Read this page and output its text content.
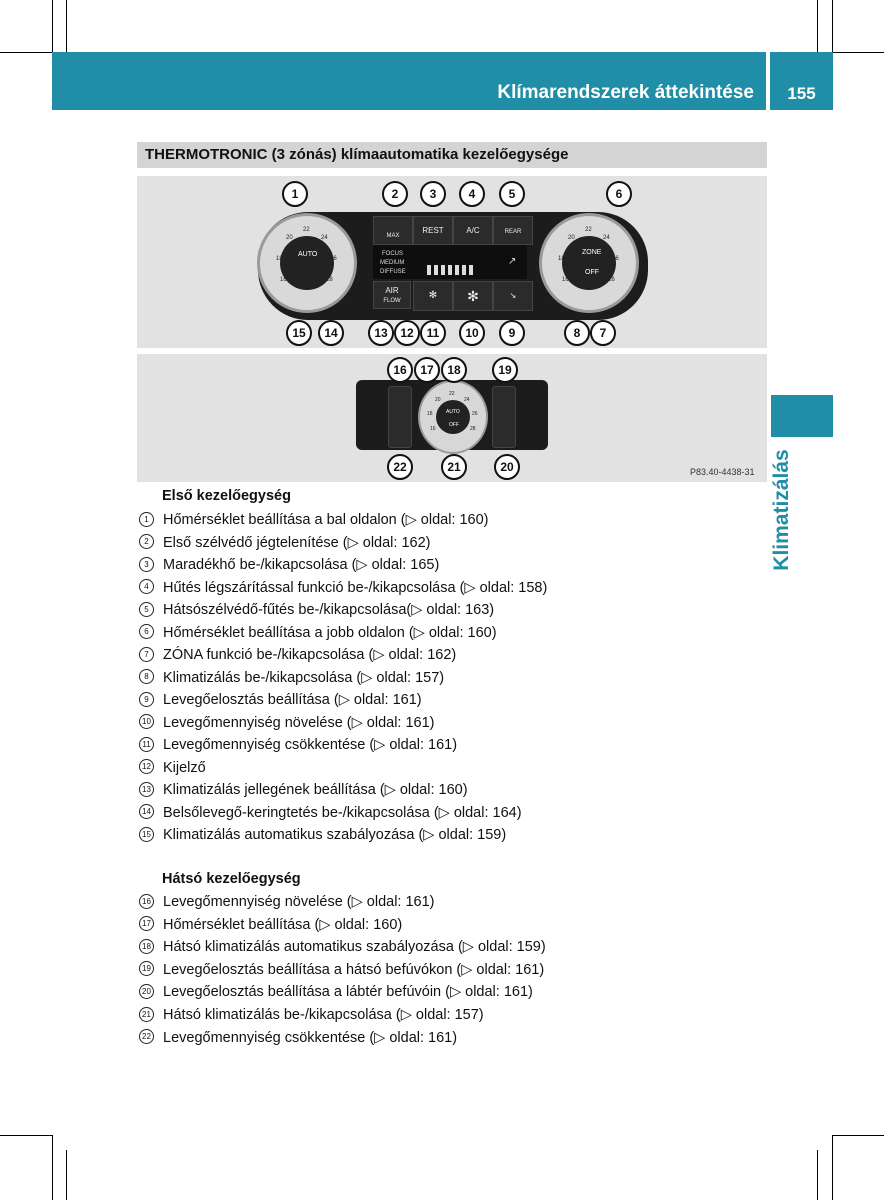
Klímarendszerek áttekintése	155
Klimatizálás
THERMOTRONIC (3 zónás) klímaautomatika kezelőegysége
22
20	24
18	26
16	28
AUTO
22
20	24
18	26
16	28
ZONE
OFF
MAX
REST	A/C	REAR
FOCUS
MEDIUM
DIFFUSE
↗
AIR
FLOW	✻	✻	↘
1	2	3	4	5	6
15	14	13	12	11	10	9	8	7
22
20	24
18	26
16	28
AUTO
OFF
16	17	18	19
22	21	20	P83.40-4438-31
Első kezelőegység
1 Hőmérséklet beállítása a bal oldalon (▷ oldal: 160)
2 Első szélvédő jégtelenítése (▷ oldal: 162)
3 Maradékhő be-/kikapcsolása (▷ oldal: 165)
4 Hűtés légszárítással funkció be-/kikapcsolása (▷ oldal: 158)
5 Hátsószélvédő-fűtés be-/kikapcsolása(▷ oldal: 163)
6 Hőmérséklet beállítása a jobb oldalon (▷ oldal: 160)
7 ZÓNA funkció be-/kikapcsolása (▷ oldal: 162)
8 Klimatizálás be-/kikapcsolása (▷ oldal: 157)
9 Levegőelosztás beállítása (▷ oldal: 161)
10 Levegőmennyiség növelése (▷ oldal: 161)
11 Levegőmennyiség csökkentése (▷ oldal: 161)
12 Kijelző
13 Klimatizálás jellegének beállítása (▷ oldal: 160)
14 Belsőlevegő-keringtetés be-/kikapcsolása (▷ oldal: 164)
15 Klimatizálás automatikus szabályozása (▷ oldal: 159)
Hátsó kezelőegység
16 Levegőmennyiség növelése (▷ oldal: 161)
17 Hőmérséklet beállítása (▷ oldal: 160)
18 Hátsó klimatizálás automatikus szabályozása (▷ oldal: 159)
19 Levegőelosztás beállítása a hátsó befúvókon (▷ oldal: 161)
20 Levegőelosztás beállítása a lábtér befúvóin (▷ oldal: 161)
21 Hátsó klimatizálás be-/kikapcsolása (▷ oldal: 157)
22 Levegőmennyiség csökkentése (▷ oldal: 161)
